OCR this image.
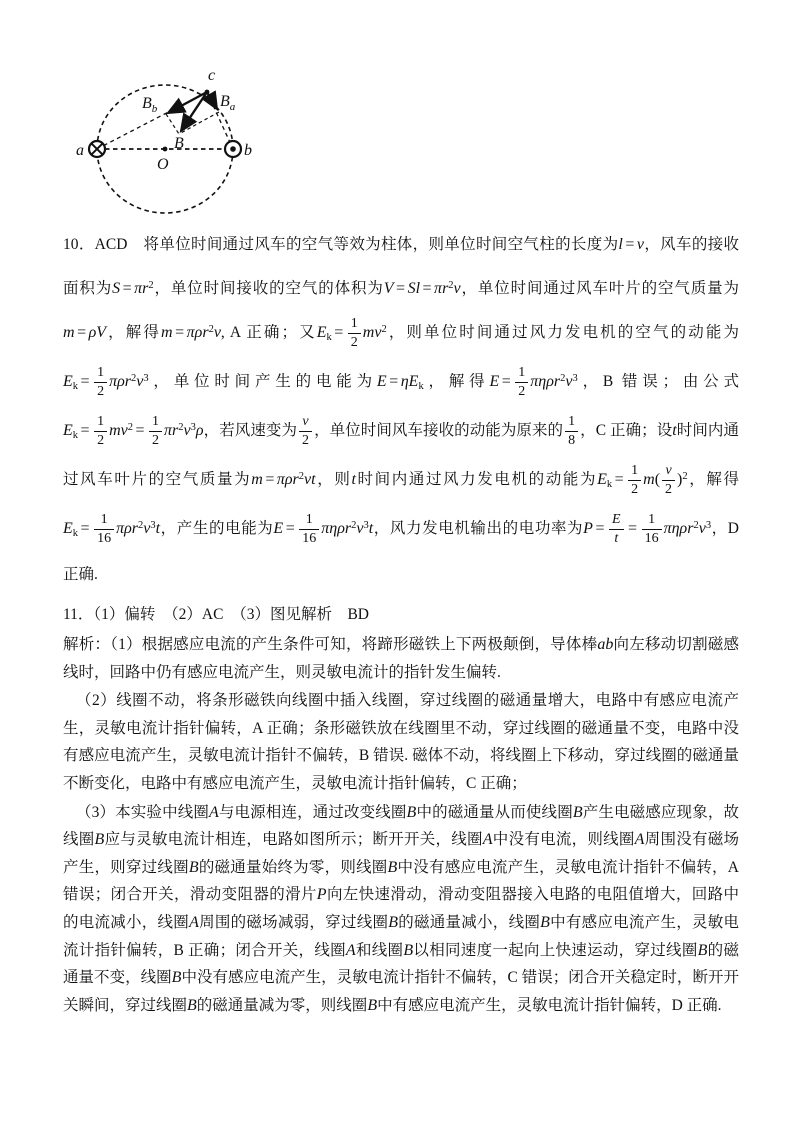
c
a	b
O
B
$B_b$	$B_a$
10．ACD　将单位时间通过风车的空气等效为柱体，则单位时间空气柱的长度为l = v，风车的接收面积为$S = \pi r^2$，单位时间接收的空气的体积为$V = Sl = \pi r^2v$，单位时间通过风车叶片的空气质量为m = ρV，解得m = πρr$^2$v, A 正确；又$E_k = \frac{1}{2} mv^2$，则单位时间通过风力发电机的空气的动能为$E_k = \frac{1}{2} \pi\rho r^2v^3$，单位时间产生的电能为$E = \eta E_k$，解得$E = \frac{1}{2} \pi\eta\rho r^2v^3$，B 错误；由公式$E_k = \frac{1}{2} mv^2 = \frac{1}{2} \pi r^2v^3\rho$，若风速变为 $\frac{v}{2}$ ，单位时间风车接收的动能为原来的 $\frac{1}{8}$ ，C 正确；设t时间内通过风车叶片的空气质量为m = πρr$^2$vt，则t时间内通过风力发电机的动能为$E_k = \frac{1}{2} m( \frac{v}{2} )^2$，解得$E_k = \frac{1}{16} \pi\rho r^2v^3t$，产生的电能为$E = \frac{1}{16} \pi\eta\rho r^2v^3t$，风力发电机输出的电功率为$P = \frac{E}{t} = \frac{1}{16} \pi\eta\rho r^2v^3$，D 正确.
11．（1）偏转　（2）AC　（3）图见解析　BD
解析：（1）根据感应电流的产生条件可知，将蹄形磁铁上下两极颠倒，导体棒ab向左移动切割磁感线时，回路中仍有感应电流产生，则灵敏电流计的指针发生偏转.
（2）线圈不动，将条形磁铁向线圈中插入线圈，穿过线圈的磁通量增大，电路中有感应电流产生，灵敏电流计指针偏转，A 正确；条形磁铁放在线圈里不动，穿过线圈的磁通量不变，电路中没有感应电流产生，灵敏电流计指针不偏转，B 错误. 磁体不动，将线圈上下移动，穿过线圈的磁通量不断变化，电路中有感应电流产生，灵敏电流计指针偏转，C 正确；
（3）本实验中线圈A与电源相连，通过改变线圈B中的磁通量从而使线圈B产生电磁感应现象，故线圈B应与灵敏电流计相连，电路如图所示；断开开关，线圈A中没有电流，则线圈A周围没有磁场产生，则穿过线圈B的磁通量始终为零，则线圈B中没有感应电流产生，灵敏电流计指针不偏转，A 错误；闭合开关，滑动变阻器的滑片P向左快速滑动，滑动变阻器接入电路的电阻值增大，回路中的电流减小，线圈A周围的磁场减弱，穿过线圈B的磁通量减小，线圈B中有感应电流产生，灵敏电流计指针偏转，B 正确；闭合开关，线圈A和线圈B以相同速度一起向上快速运动，穿过线圈B的磁通量不变，线圈B中没有感应电流产生，灵敏电流计指针不偏转，C 错误；闭合开关稳定时，断开开关瞬间，穿过线圈B的磁通量减为零，则线圈B中有感应电流产生，灵敏电流计指针偏转，D 正确.
